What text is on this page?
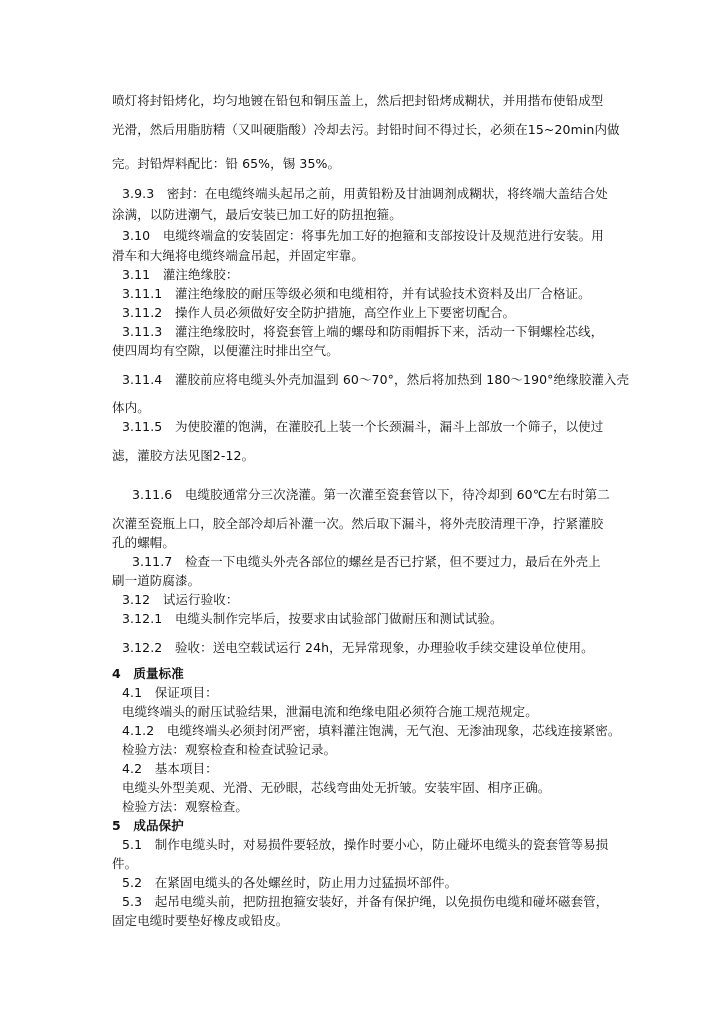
喷灯将封铅烤化，均匀地镀在铅包和铜压盖上，然后把封铅烤成糊状，并用揩布使铅成型
光滑，然后用脂肪精（又叫硬脂酸）冷却去污。封铅时间不得过长，必须在15~20min内做
完。封铅焊料配比：铅 65%，锡 35%。
3.9.3　密封：在电缆终端头起吊之前，用黄铅粉及甘油调剂成糊状，将终端大盖结合处
涂满，以防进潮气，最后安装已加工好的防扭抱箍。
3.10　电缆终端盒的安装固定：将事先加工好的抱箍和支部按设计及规范进行安装。用
滑车和大绳将电缆终端盒吊起，并固定牢靠。
3.11　灌注绝缘胶：
3.11.1　灌注绝缘胶的耐压等级必须和电缆相符，并有试验技术资料及出厂合格证。
3.11.2　操作人员必须做好安全防护措施，高空作业上下要密切配合。
3.11.3　灌注绝缘胶时，将瓷套管上端的螺母和防雨帽拆下来，活动一下铜螺栓芯线，
使四周均有空隙，以便灌注时排出空气。
3.11.4　灌胶前应将电缆头外壳加温到 60～70°，然后将加热到 180～190°绝缘胶灌入壳
体内。
3.11.5　为使胶灌的饱满，在灌胶孔上装一个长颈漏斗，漏斗上部放一个筛子，以使过
滤，灌胶方法见图2-12。
3.11.6　电缆胶通常分三次浇灌。第一次灌至瓷套管以下，待冷却到 60℃左右时第二
次灌至瓷瓶上口，胶全部冷却后补灌一次。然后取下漏斗，将外壳胶清理干净，拧紧灌胶
孔的螺帽。
3.11.7　检查一下电缆头外壳各部位的螺丝是否已拧紧，但不要过力，最后在外壳上
刷一道防腐漆。
3.12　试运行验收：
3.12.1　电缆头制作完毕后，按要求由试验部门做耐压和测试试验。
3.12.2　验收：送电空载试运行 24h，无异常现象，办理验收手续交建设单位使用。
4　质量标准
4.1　保证项目：
电缆终端头的耐压试验结果，泄漏电流和绝缘电阻必须符合施工规范规定。
4.1.2　电缆终端头必须封闭严密，填料灌注饱满，无气泡、无渗油现象，芯线连接紧密。
检验方法：观察检查和检查试验记录。
4.2　基本项目：
电缆头外型美观、光滑、无砂眼，芯线弯曲处无折皱。安装牢固、相序正确。
检验方法：观察检查。
5　成品保护
5.1　制作电缆头时，对易损件要轻放，操作时要小心，防止碰坏电缆头的瓷套管等易损
件。
5.2　在紧固电缆头的各处螺丝时，防止用力过猛损坏部件。
5.3　起吊电缆头前，把防扭抱箍安装好，并备有保护绳，以免损伤电缆和碰坏磁套管，
固定电缆时要垫好橡皮或铅皮。
